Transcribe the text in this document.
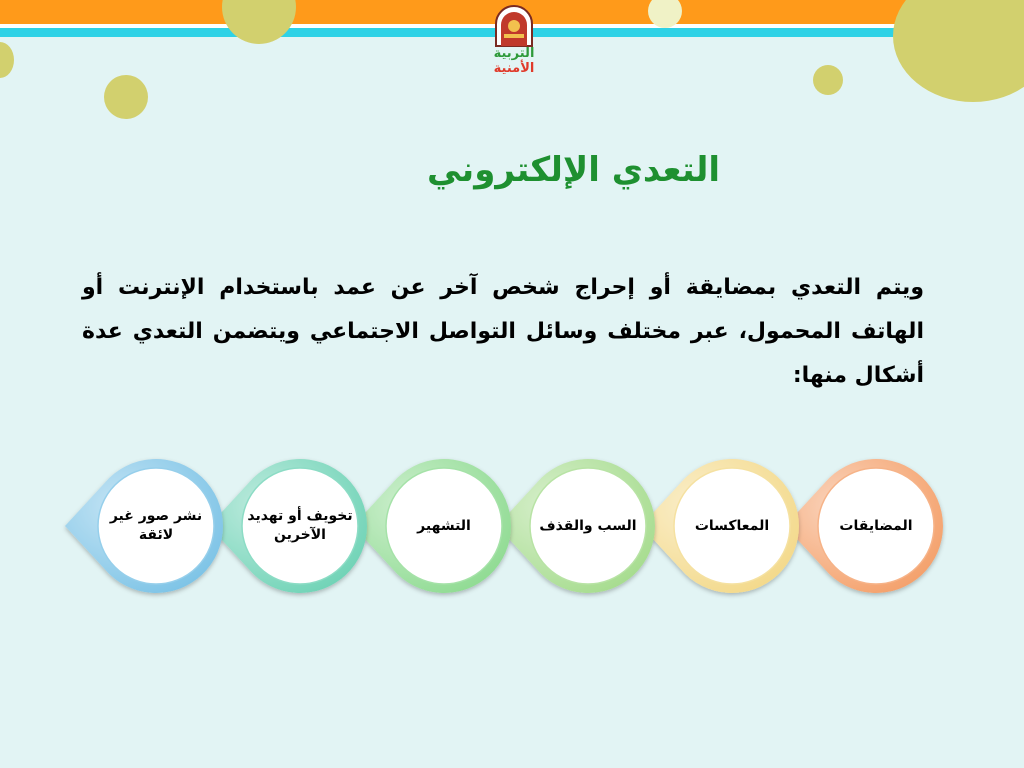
التربية
الأمنية
التعدي الإلكتروني
ويتم التعدي بمضايقة أو إحراج شخص آخر عن عمد باستخدام الإنترنت أو الهاتف المحمول، عبر مختلف وسائل التواصل الاجتماعي ويتضمن التعدي عدة أشكال منها:
المضايقات
المعاكسات
السب والقذف
التشهير
تخويف أو تهديد الآخرين
نشر صور غير لائقة
